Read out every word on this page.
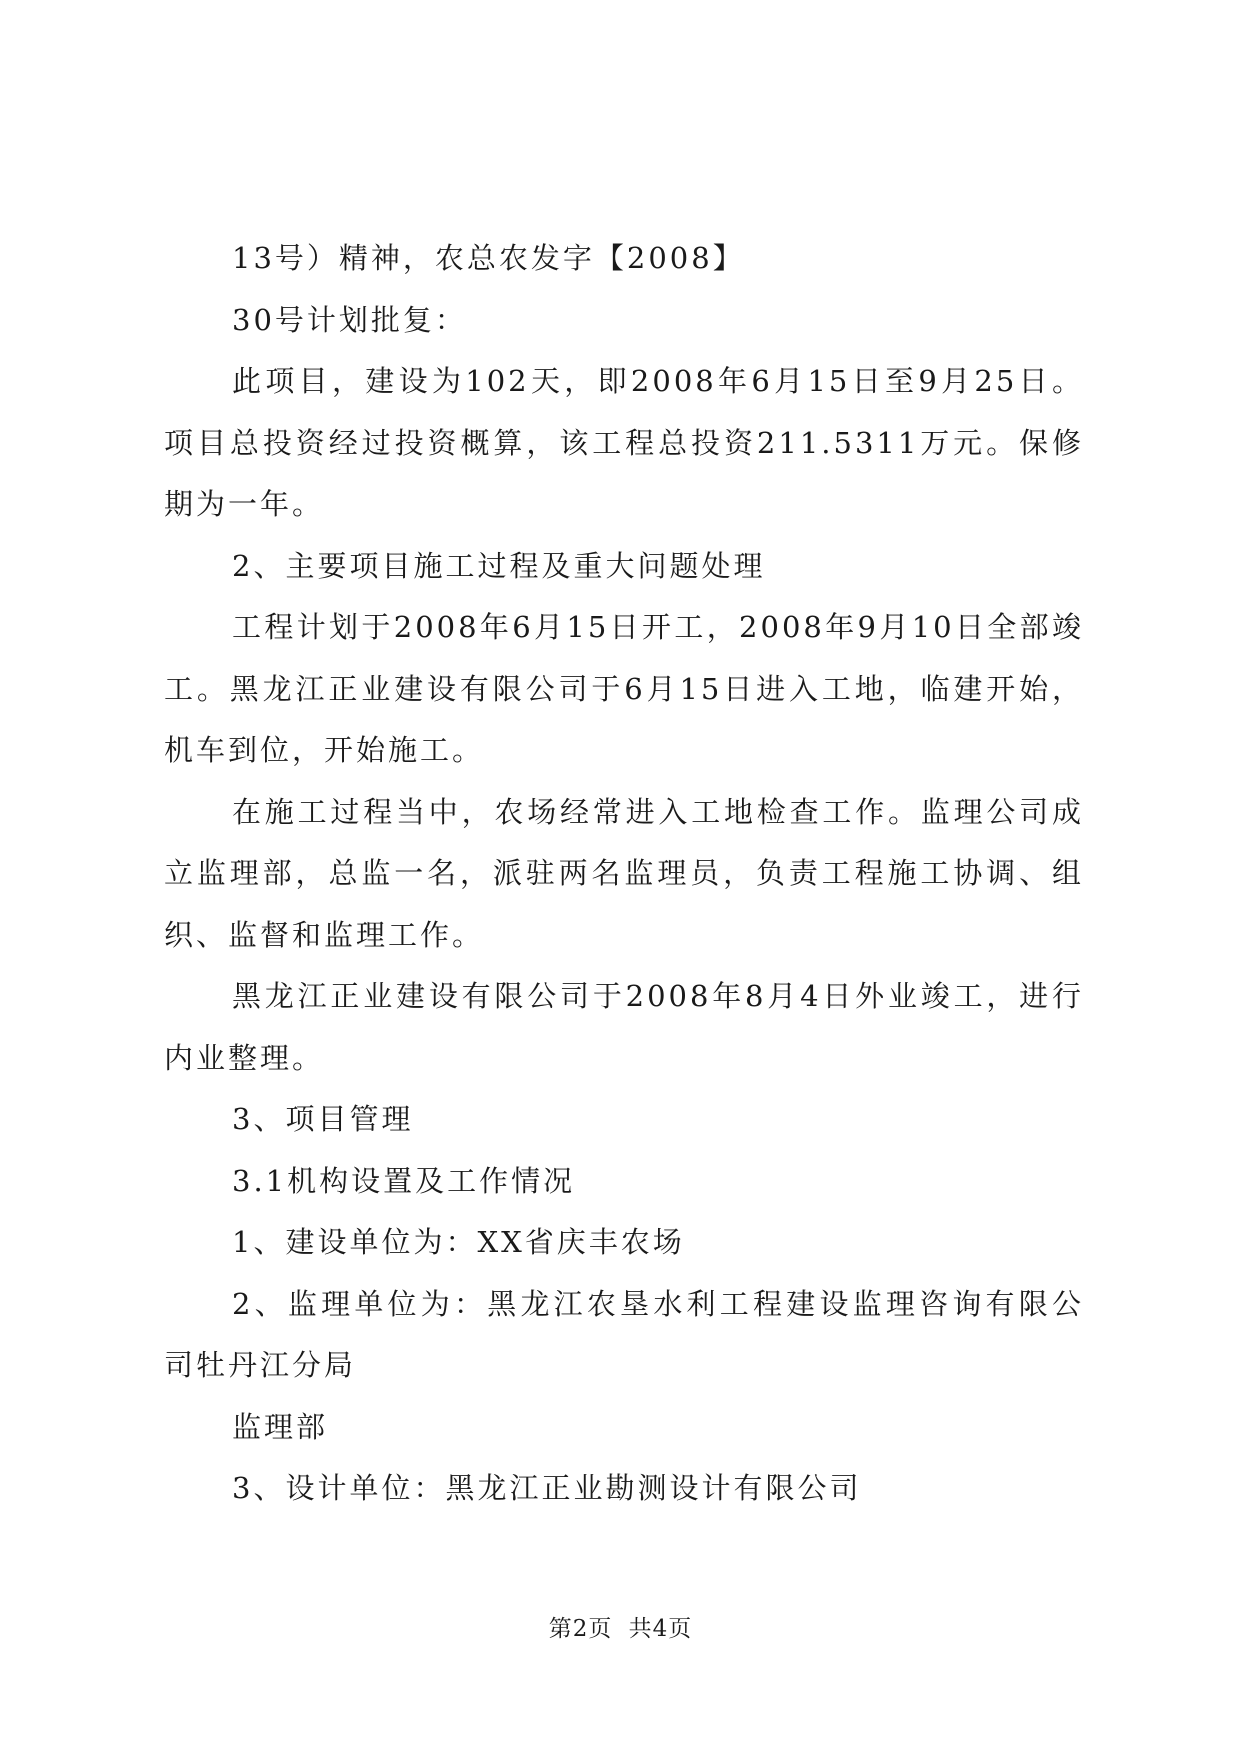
13号）精神，农总农发字【2008】

30号计划批复：

此项目，建设为102天，即2008年6月15日至9月25日。项目总投资经过投资概算，该工程总投资211.5311万元。保修期为一年。

2、主要项目施工过程及重大问题处理

工程计划于2008年6月15日开工，2008年9月10日全部竣工。黑龙江正业建设有限公司于6月15日进入工地，临建开始，机车到位，开始施工。

在施工过程当中，农场经常进入工地检查工作。监理公司成立监理部，总监一名，派驻两名监理员，负责工程施工协调、组织、监督和监理工作。

黑龙江正业建设有限公司于2008年8月4日外业竣工，进行内业整理。

3、项目管理

3.1机构设置及工作情况

1、建设单位为：XX省庆丰农场

2、监理单位为：黑龙江农垦水利工程建设监理咨询有限公司牡丹江分局

监理部

3、设计单位：黑龙江正业勘测设计有限公司

第2页 共4页
